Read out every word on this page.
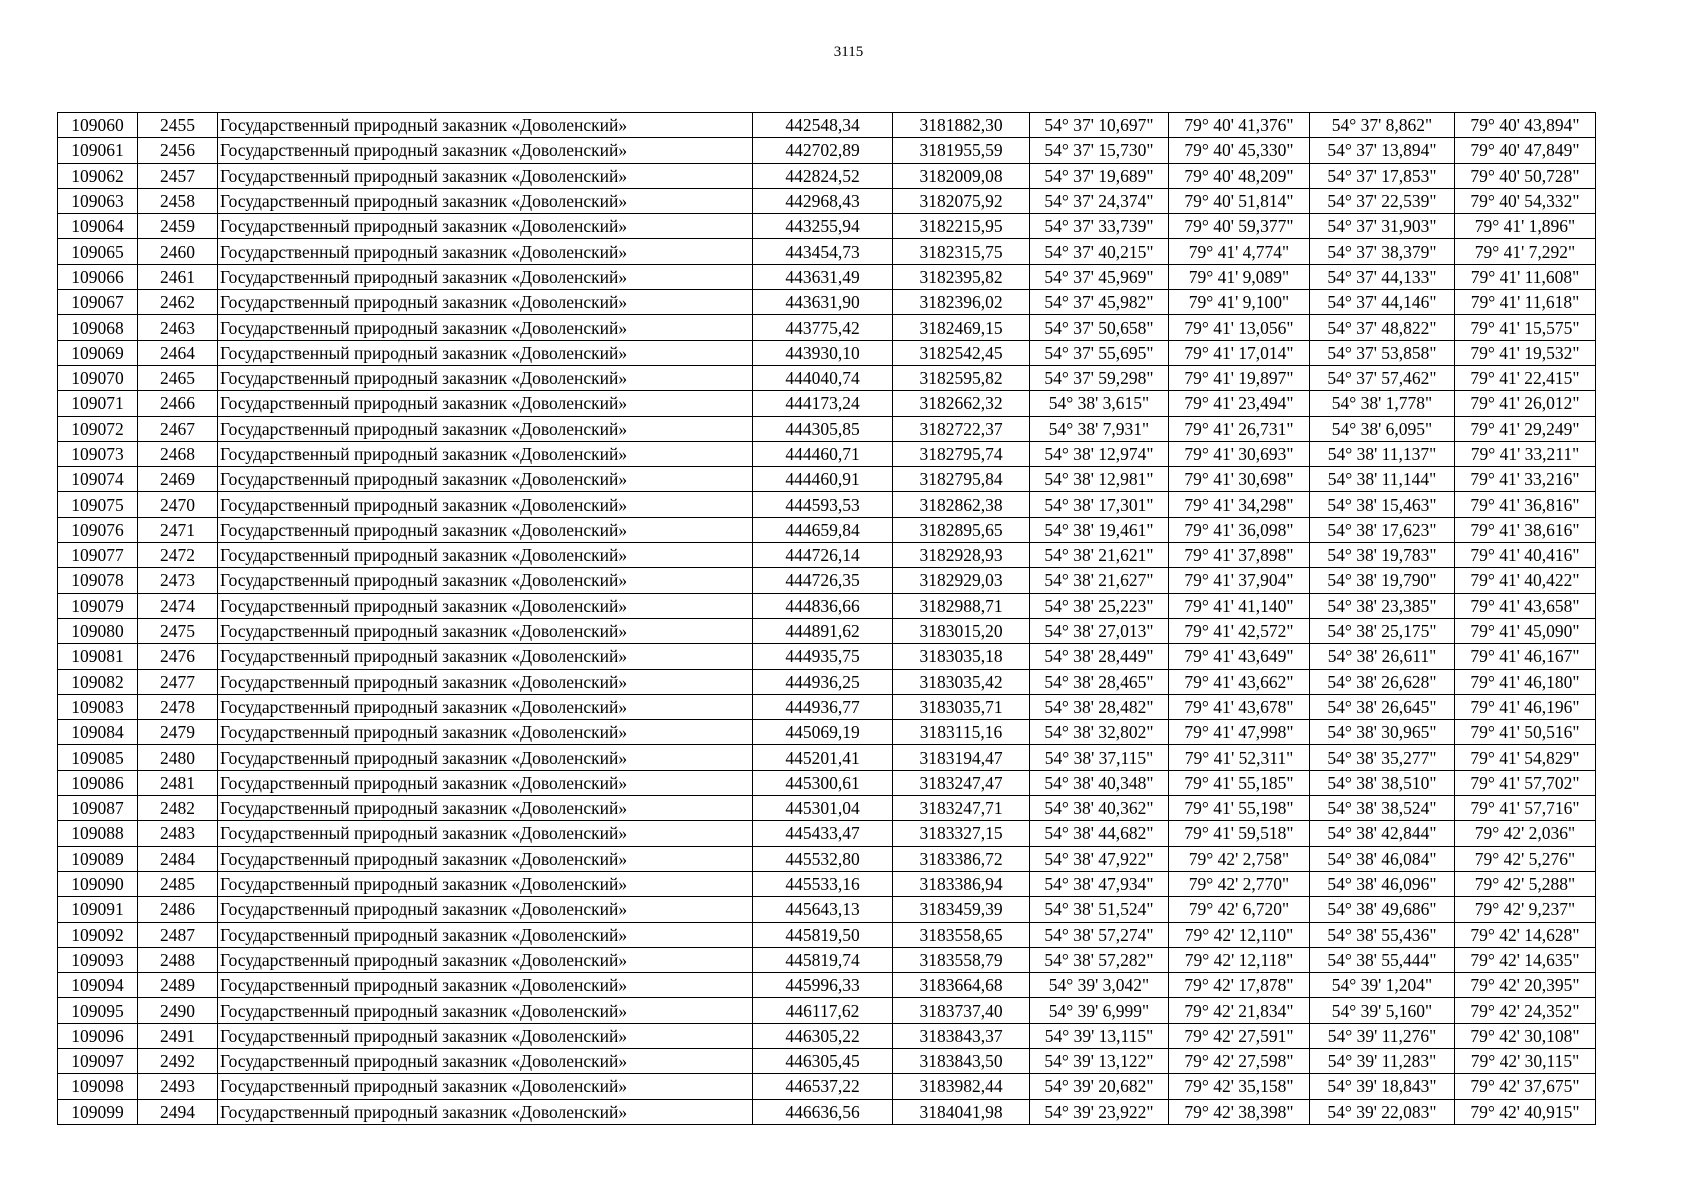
3115
109060	2455	Государственный природный заказник «Доволенский»	442548,34	3181882,30	54° 37' 10,697"	79° 40' 41,376"	54° 37' 8,862"	79° 40' 43,894"
109061	2456	Государственный природный заказник «Доволенский»	442702,89	3181955,59	54° 37' 15,730"	79° 40' 45,330"	54° 37' 13,894"	79° 40' 47,849"
109062	2457	Государственный природный заказник «Доволенский»	442824,52	3182009,08	54° 37' 19,689"	79° 40' 48,209"	54° 37' 17,853"	79° 40' 50,728"
109063	2458	Государственный природный заказник «Доволенский»	442968,43	3182075,92	54° 37' 24,374"	79° 40' 51,814"	54° 37' 22,539"	79° 40' 54,332"
109064	2459	Государственный природный заказник «Доволенский»	443255,94	3182215,95	54° 37' 33,739"	79° 40' 59,377"	54° 37' 31,903"	79° 41' 1,896"
109065	2460	Государственный природный заказник «Доволенский»	443454,73	3182315,75	54° 37' 40,215"	79° 41' 4,774"	54° 37' 38,379"	79° 41' 7,292"
109066	2461	Государственный природный заказник «Доволенский»	443631,49	3182395,82	54° 37' 45,969"	79° 41' 9,089"	54° 37' 44,133"	79° 41' 11,608"
109067	2462	Государственный природный заказник «Доволенский»	443631,90	3182396,02	54° 37' 45,982"	79° 41' 9,100"	54° 37' 44,146"	79° 41' 11,618"
109068	2463	Государственный природный заказник «Доволенский»	443775,42	3182469,15	54° 37' 50,658"	79° 41' 13,056"	54° 37' 48,822"	79° 41' 15,575"
109069	2464	Государственный природный заказник «Доволенский»	443930,10	3182542,45	54° 37' 55,695"	79° 41' 17,014"	54° 37' 53,858"	79° 41' 19,532"
109070	2465	Государственный природный заказник «Доволенский»	444040,74	3182595,82	54° 37' 59,298"	79° 41' 19,897"	54° 37' 57,462"	79° 41' 22,415"
109071	2466	Государственный природный заказник «Доволенский»	444173,24	3182662,32	54° 38' 3,615"	79° 41' 23,494"	54° 38' 1,778"	79° 41' 26,012"
109072	2467	Государственный природный заказник «Доволенский»	444305,85	3182722,37	54° 38' 7,931"	79° 41' 26,731"	54° 38' 6,095"	79° 41' 29,249"
109073	2468	Государственный природный заказник «Доволенский»	444460,71	3182795,74	54° 38' 12,974"	79° 41' 30,693"	54° 38' 11,137"	79° 41' 33,211"
109074	2469	Государственный природный заказник «Доволенский»	444460,91	3182795,84	54° 38' 12,981"	79° 41' 30,698"	54° 38' 11,144"	79° 41' 33,216"
109075	2470	Государственный природный заказник «Доволенский»	444593,53	3182862,38	54° 38' 17,301"	79° 41' 34,298"	54° 38' 15,463"	79° 41' 36,816"
109076	2471	Государственный природный заказник «Доволенский»	444659,84	3182895,65	54° 38' 19,461"	79° 41' 36,098"	54° 38' 17,623"	79° 41' 38,616"
109077	2472	Государственный природный заказник «Доволенский»	444726,14	3182928,93	54° 38' 21,621"	79° 41' 37,898"	54° 38' 19,783"	79° 41' 40,416"
109078	2473	Государственный природный заказник «Доволенский»	444726,35	3182929,03	54° 38' 21,627"	79° 41' 37,904"	54° 38' 19,790"	79° 41' 40,422"
109079	2474	Государственный природный заказник «Доволенский»	444836,66	3182988,71	54° 38' 25,223"	79° 41' 41,140"	54° 38' 23,385"	79° 41' 43,658"
109080	2475	Государственный природный заказник «Доволенский»	444891,62	3183015,20	54° 38' 27,013"	79° 41' 42,572"	54° 38' 25,175"	79° 41' 45,090"
109081	2476	Государственный природный заказник «Доволенский»	444935,75	3183035,18	54° 38' 28,449"	79° 41' 43,649"	54° 38' 26,611"	79° 41' 46,167"
109082	2477	Государственный природный заказник «Доволенский»	444936,25	3183035,42	54° 38' 28,465"	79° 41' 43,662"	54° 38' 26,628"	79° 41' 46,180"
109083	2478	Государственный природный заказник «Доволенский»	444936,77	3183035,71	54° 38' 28,482"	79° 41' 43,678"	54° 38' 26,645"	79° 41' 46,196"
109084	2479	Государственный природный заказник «Доволенский»	445069,19	3183115,16	54° 38' 32,802"	79° 41' 47,998"	54° 38' 30,965"	79° 41' 50,516"
109085	2480	Государственный природный заказник «Доволенский»	445201,41	3183194,47	54° 38' 37,115"	79° 41' 52,311"	54° 38' 35,277"	79° 41' 54,829"
109086	2481	Государственный природный заказник «Доволенский»	445300,61	3183247,47	54° 38' 40,348"	79° 41' 55,185"	54° 38' 38,510"	79° 41' 57,702"
109087	2482	Государственный природный заказник «Доволенский»	445301,04	3183247,71	54° 38' 40,362"	79° 41' 55,198"	54° 38' 38,524"	79° 41' 57,716"
109088	2483	Государственный природный заказник «Доволенский»	445433,47	3183327,15	54° 38' 44,682"	79° 41' 59,518"	54° 38' 42,844"	79° 42' 2,036"
109089	2484	Государственный природный заказник «Доволенский»	445532,80	3183386,72	54° 38' 47,922"	79° 42' 2,758"	54° 38' 46,084"	79° 42' 5,276"
109090	2485	Государственный природный заказник «Доволенский»	445533,16	3183386,94	54° 38' 47,934"	79° 42' 2,770"	54° 38' 46,096"	79° 42' 5,288"
109091	2486	Государственный природный заказник «Доволенский»	445643,13	3183459,39	54° 38' 51,524"	79° 42' 6,720"	54° 38' 49,686"	79° 42' 9,237"
109092	2487	Государственный природный заказник «Доволенский»	445819,50	3183558,65	54° 38' 57,274"	79° 42' 12,110"	54° 38' 55,436"	79° 42' 14,628"
109093	2488	Государственный природный заказник «Доволенский»	445819,74	3183558,79	54° 38' 57,282"	79° 42' 12,118"	54° 38' 55,444"	79° 42' 14,635"
109094	2489	Государственный природный заказник «Доволенский»	445996,33	3183664,68	54° 39' 3,042"	79° 42' 17,878"	54° 39' 1,204"	79° 42' 20,395"
109095	2490	Государственный природный заказник «Доволенский»	446117,62	3183737,40	54° 39' 6,999"	79° 42' 21,834"	54° 39' 5,160"	79° 42' 24,352"
109096	2491	Государственный природный заказник «Доволенский»	446305,22	3183843,37	54° 39' 13,115"	79° 42' 27,591"	54° 39' 11,276"	79° 42' 30,108"
109097	2492	Государственный природный заказник «Доволенский»	446305,45	3183843,50	54° 39' 13,122"	79° 42' 27,598"	54° 39' 11,283"	79° 42' 30,115"
109098	2493	Государственный природный заказник «Доволенский»	446537,22	3183982,44	54° 39' 20,682"	79° 42' 35,158"	54° 39' 18,843"	79° 42' 37,675"
109099	2494	Государственный природный заказник «Доволенский»	446636,56	3184041,98	54° 39' 23,922"	79° 42' 38,398"	54° 39' 22,083"	79° 42' 40,915"
